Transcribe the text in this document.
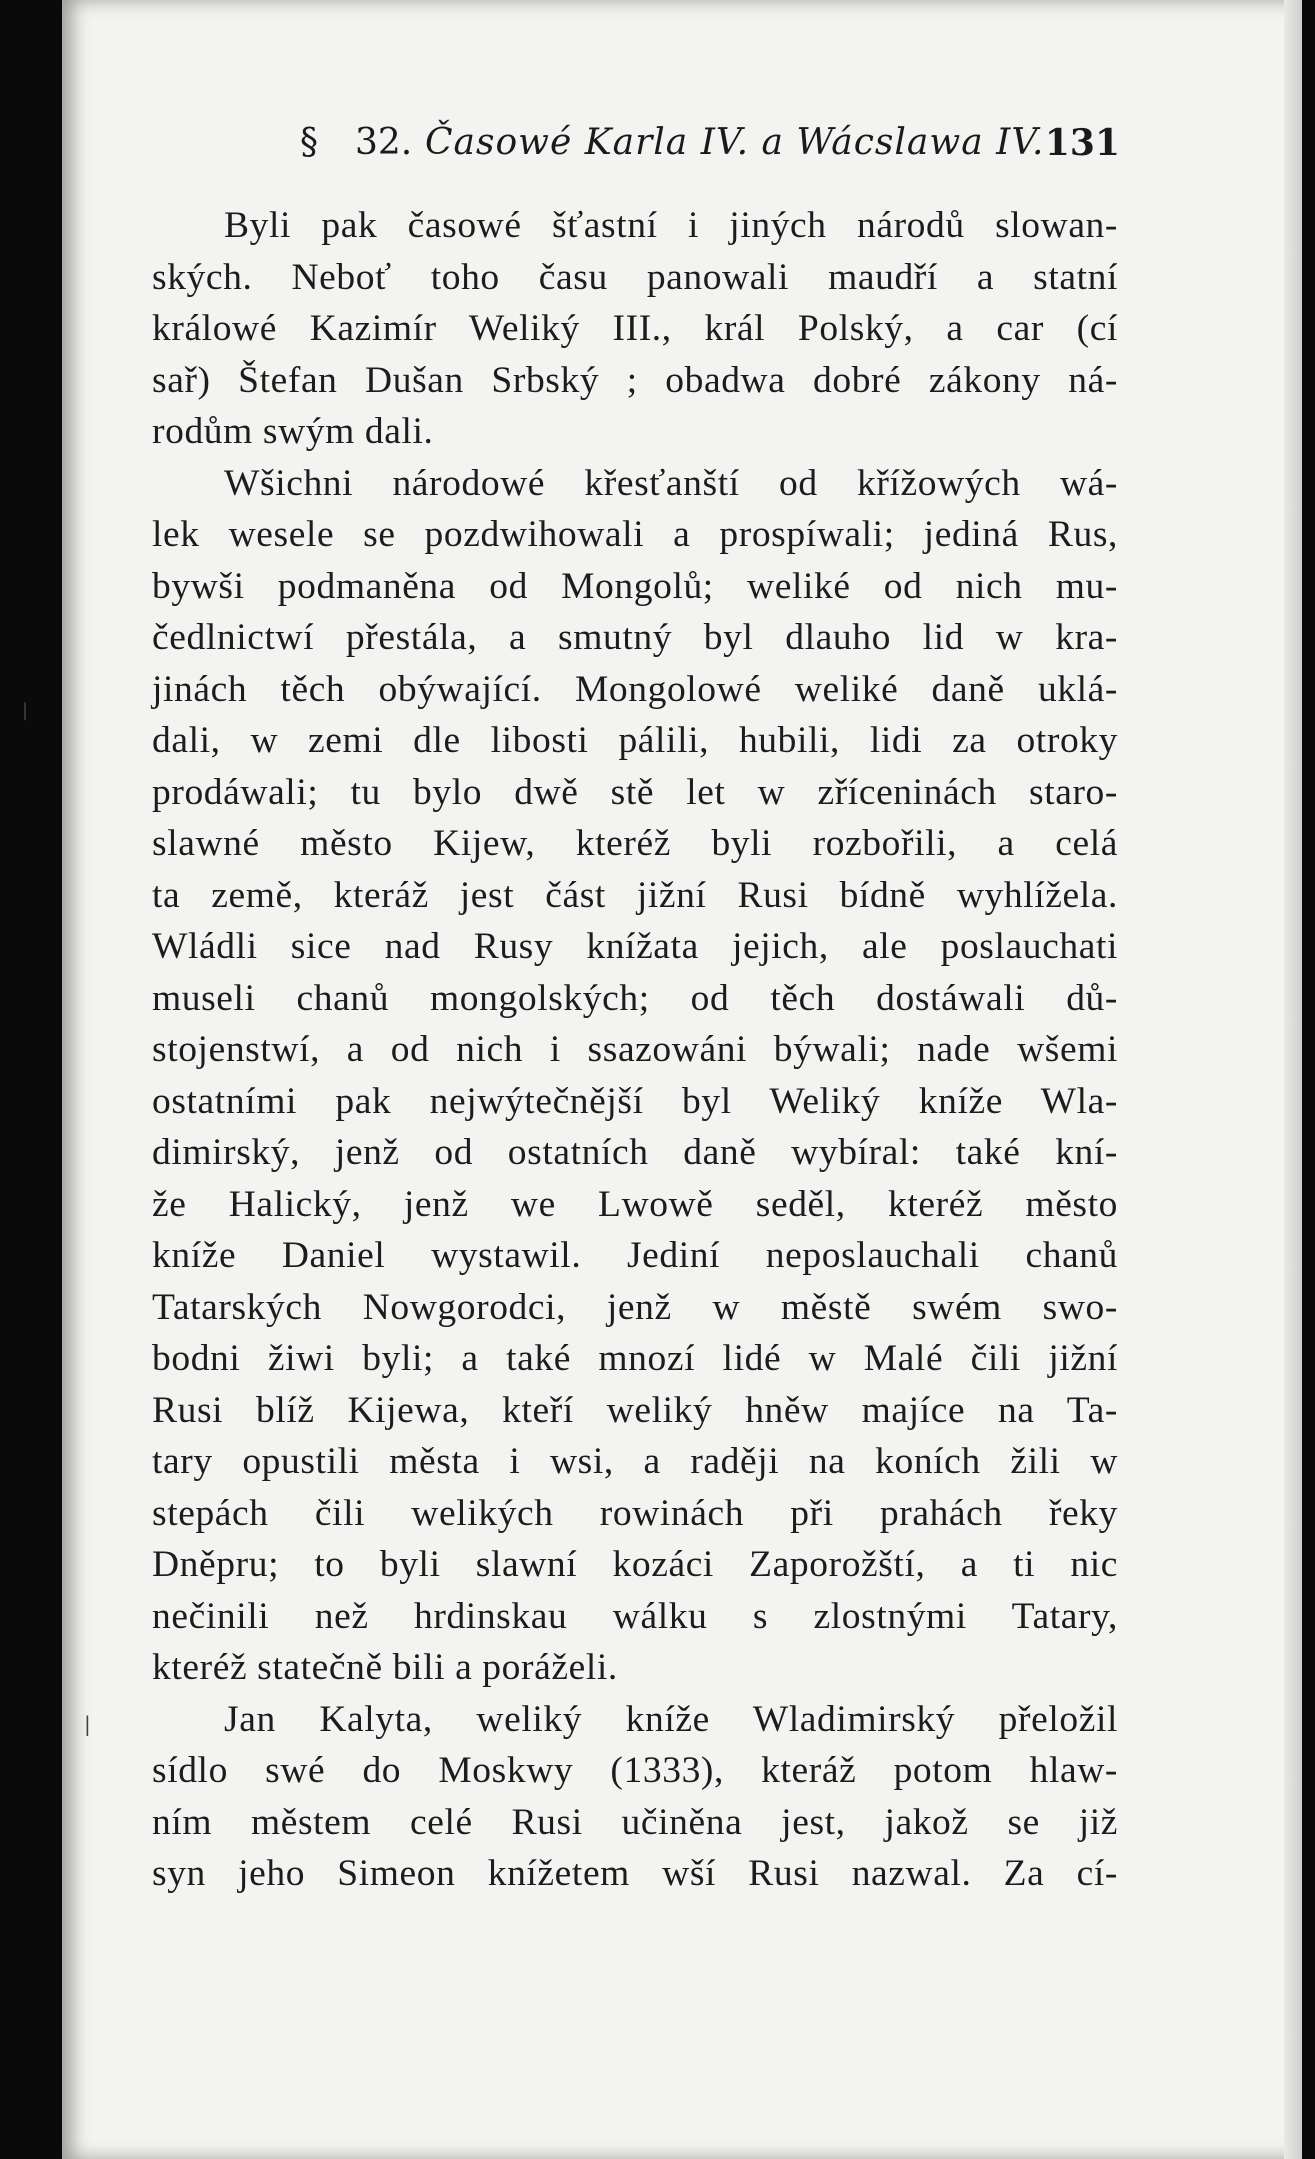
§ 32. Časowé Karla IV. a Wácslawa IV. 131
Byli pak časowé šťastní i jiných národů slowan-
ských. Neboť toho času panowali maudří a statní
králowé Kazimír Weliký III., král Polský, a car (cí
sař) Štefan Dušan Srbský ; obadwa dobré zákony ná-
rodům swým dali.
Wšichni národowé křesťanští od křížowých wá-
lek wesele se pozdwihowali a prospíwali; jediná Rus,
bywši podmaněna od Mongolů; weliké od nich mu-
čedlnictwí přestála, a smutný byl dlauho lid w kra-
jinách těch obýwající. Mongolowé weliké daně uklá-
dali, w zemi dle libosti pálili, hubili, lidi za otroky
prodáwali; tu bylo dwě stě let w zříceninách staro-
slawné město Kijew, kteréž byli rozbořili, a celá
ta země, kteráž jest část jižní Rusi bídně wyhlížela.
Wládli sice nad Rusy knížata jejich, ale poslauchati
museli chanů mongolských; od těch dostáwali dů-
stojenstwí, a od nich i ssazowáni býwali; nade wšemi
ostatními pak nejwýtečnější byl Weliký kníže Wla-
dimirský, jenž od ostatních daně wybíral: také kní-
že Halický, jenž we Lwowě seděl, kteréž město
kníže Daniel wystawil. Jediní neposlauchali chanů
Tatarských Nowgorodci, jenž w městě swém swo-
bodni žiwi byli; a také mnozí lidé w Malé čili jižní
Rusi blíž Kijewa, kteří weliký hněw majíce na Ta-
tary opustili města i wsi, a raději na koních žili w
stepách čili welikých rowinách při prahách řeky
Dněpru; to byli slawní kozáci Zaporožští, a ti nic
nečinili než hrdinskau wálku s zlostnými Tatary,
kteréž statečně bili a poráželi.
Jan Kalyta, weliký kníže Wladimirský přeložil
sídlo swé do Moskwy (1333), kteráž potom hlaw-
ním městem celé Rusi učiněna jest, jakož se již
syn jeho Simeon knížetem wší Rusi nazwal. Za cí-
|
|
